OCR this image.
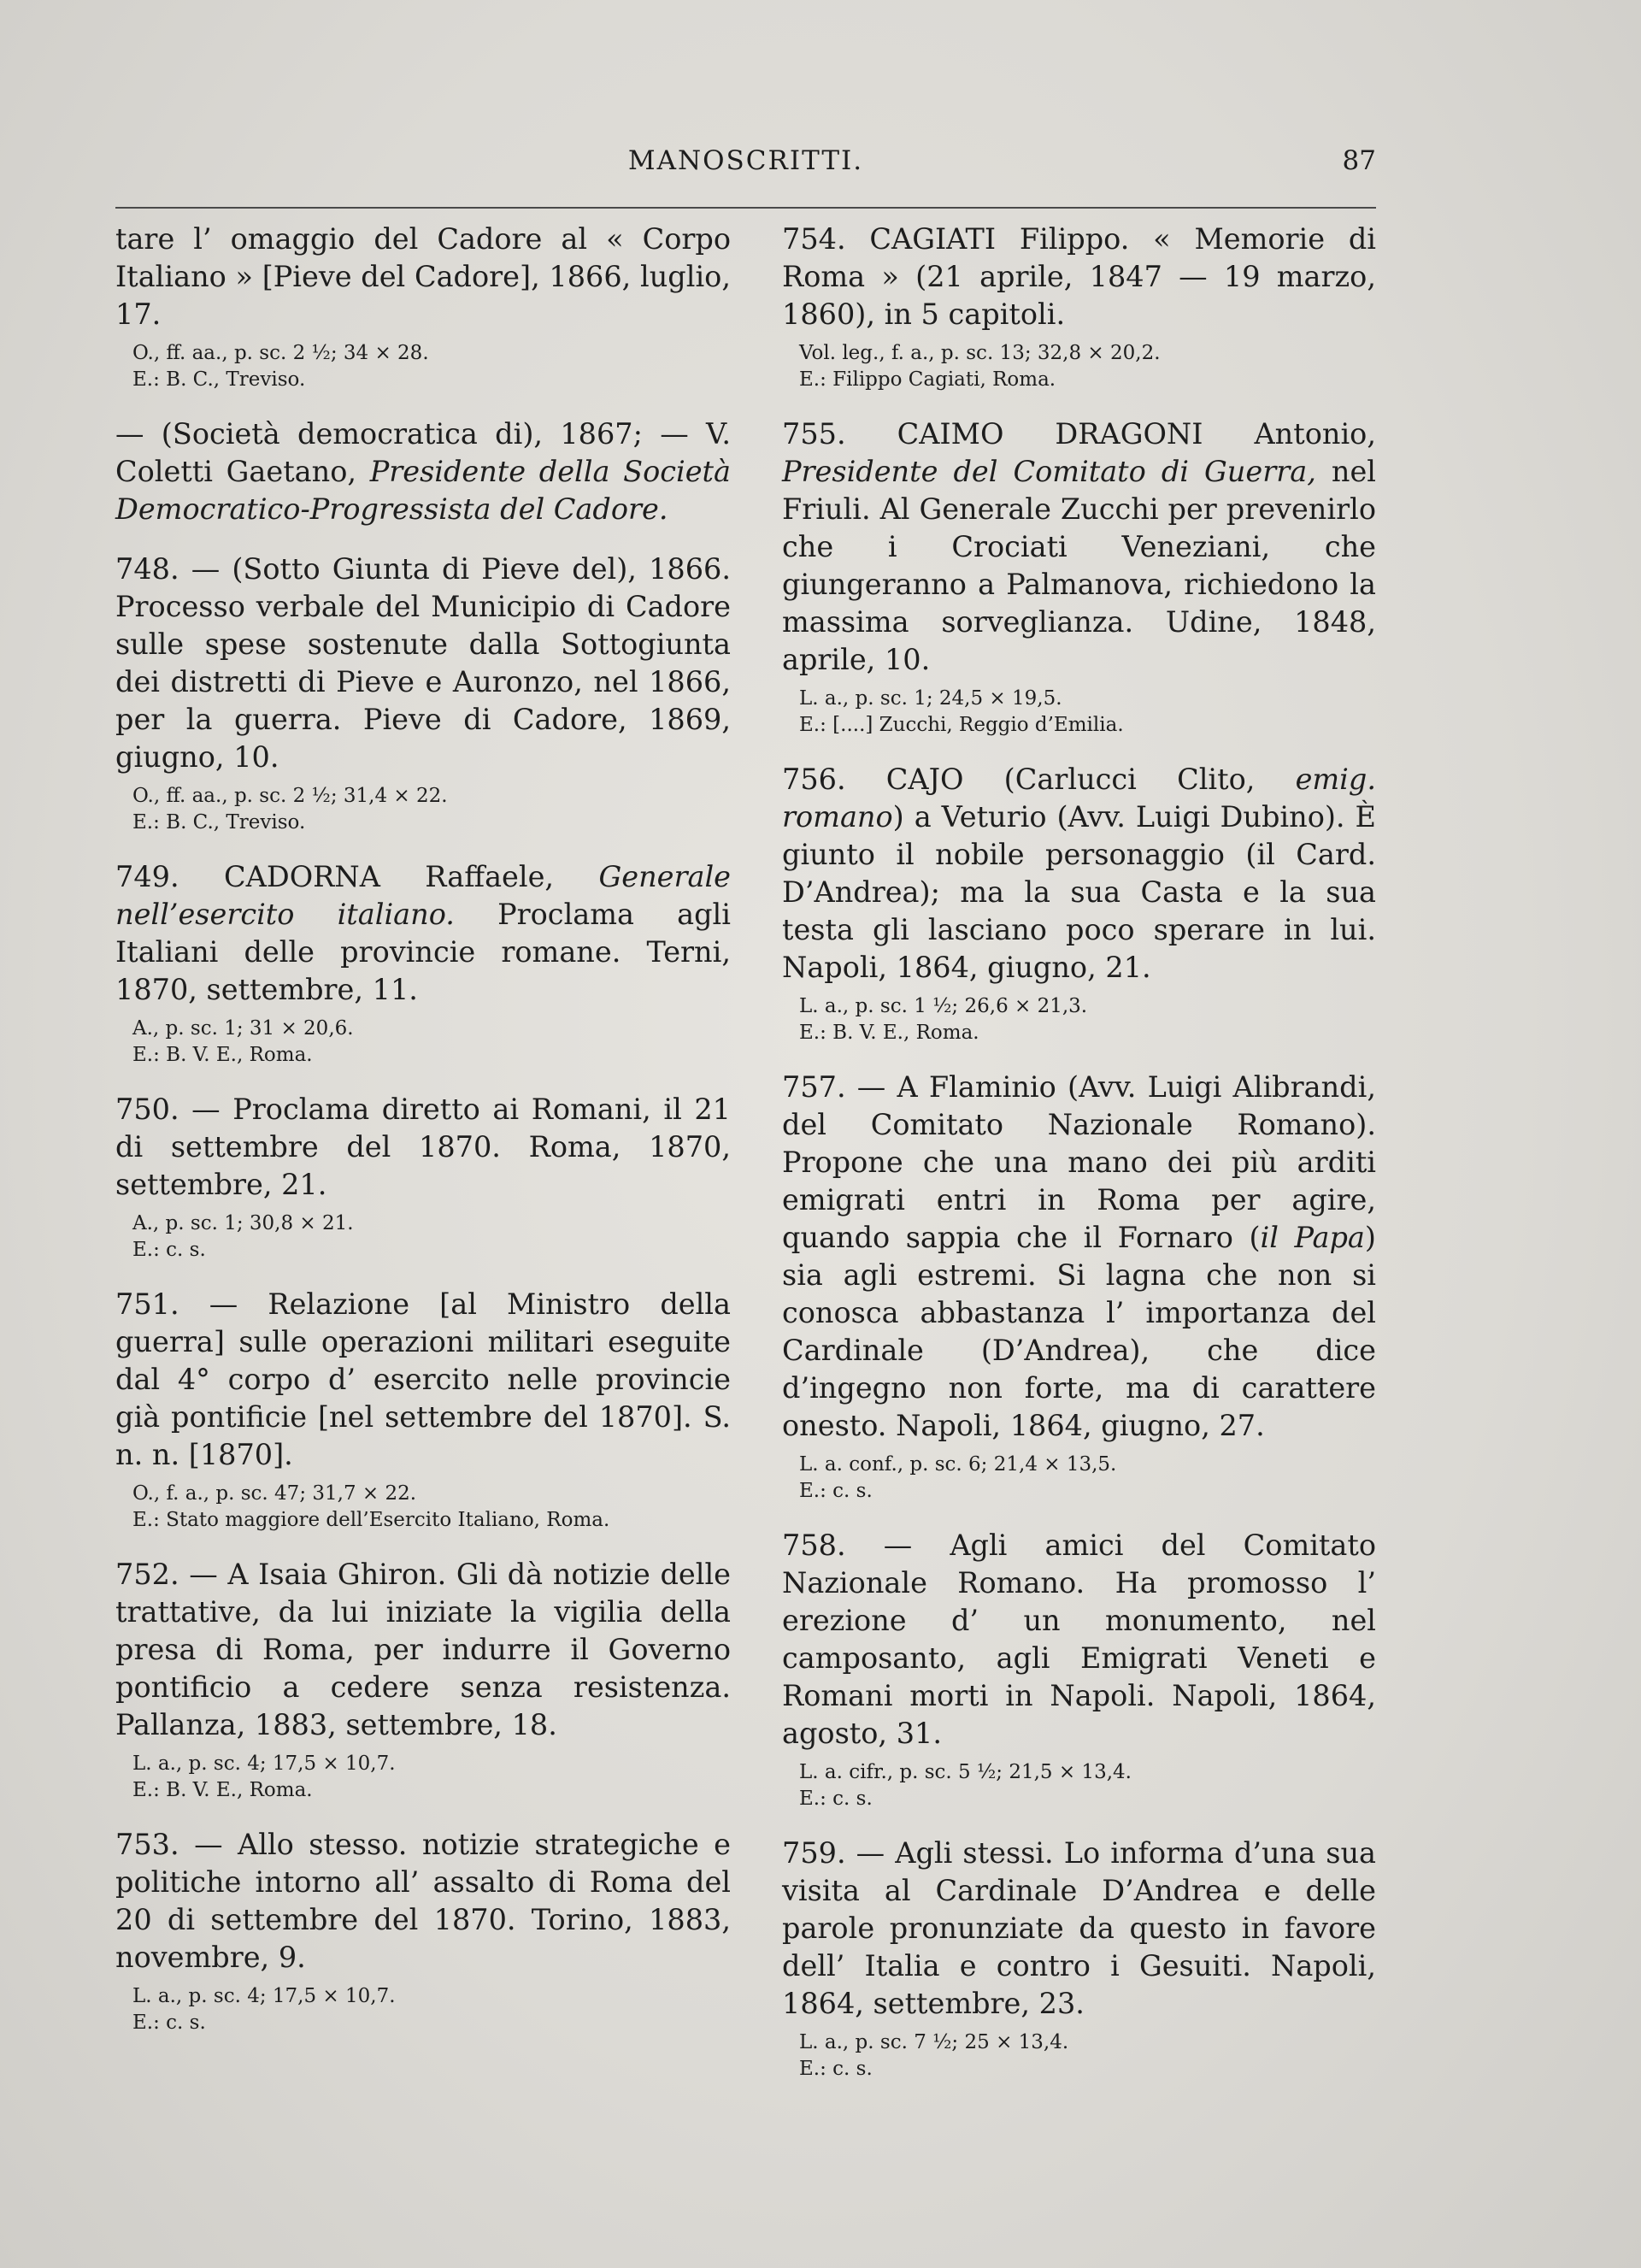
MANOSCRITTI.	87

tare l’ omaggio del Cadore al « Corpo Italiano » [Pieve del Cadore], 1866, luglio, 17.

O., ff. aa., p. sc. 2 ½; 34 × 28.
E.: B. C., Treviso.

— (Società democratica di), 1867; — V. Coletti Gaetano, Presidente della Società Democratico-Progressista del Cadore.

748. — (Sotto Giunta di Pieve del), 1866. Processo verbale del Municipio di Cadore sulle spese sostenute dalla Sottogiunta dei distretti di Pieve e Auronzo, nel 1866, per la guerra. Pieve di Cadore, 1869, giugno, 10.

O., ff. aa., p. sc. 2 ½; 31,4 × 22.
E.: B. C., Treviso.

749. CADORNA Raffaele, Generale nell’esercito italiano. Proclama agli Italiani delle provincie romane. Terni, 1870, settembre, 11.

A., p. sc. 1; 31 × 20,6.
E.: B. V. E., Roma.

750. — Proclama diretto ai Romani, il 21 di settembre del 1870. Roma, 1870, settembre, 21.

A., p. sc. 1; 30,8 × 21.
E.: c. s.

751. — Relazione [al Ministro della guerra] sulle operazioni militari eseguite dal 4° corpo d’ esercito nelle provincie già pontificie [nel settembre del 1870]. S. n. n. [1870].

O., f. a., p. sc. 47; 31,7 × 22.
E.: Stato maggiore dell’Esercito Italiano, Roma.

752. — A Isaia Ghiron. Gli dà notizie delle trattative, da lui iniziate la vigilia della presa di Roma, per indurre il Governo pontificio a cedere senza resistenza. Pallanza, 1883, settembre, 18.

L. a., p. sc. 4; 17,5 × 10,7.
E.: B. V. E., Roma.

753. — Allo stesso. notizie strategiche e politiche intorno all’ assalto di Roma del 20 di settembre del 1870. Torino, 1883, novembre, 9.

L. a., p. sc. 4; 17,5 × 10,7.
E.: c. s.

754. CAGIATI Filippo. « Memorie di Roma » (21 aprile, 1847 — 19 marzo, 1860), in 5 capitoli.

Vol. leg., f. a., p. sc. 13; 32,8 × 20,2.
E.: Filippo Cagiati, Roma.

755. CAIMO DRAGONI Antonio, Presidente del Comitato di Guerra, nel Friuli. Al Generale Zucchi per prevenirlo che i Crociati Veneziani, che giungeranno a Palmanova, richiedono la massima sorveglianza. Udine, 1848, aprile, 10.

L. a., p. sc. 1; 24,5 × 19,5.
E.: [....] Zucchi, Reggio d’Emilia.

756. CAJO (Carlucci Clito, emig. romano) a Veturio (Avv. Luigi Dubino). È giunto il nobile personaggio (il Card. D’Andrea); ma la sua Casta e la sua testa gli lasciano poco sperare in lui. Napoli, 1864, giugno, 21.

L. a., p. sc. 1 ½; 26,6 × 21,3.
E.: B. V. E., Roma.

757. — A Flaminio (Avv. Luigi Alibrandi, del Comitato Nazionale Romano). Propone che una mano dei più arditi emigrati entri in Roma per agire, quando sappia che il Fornaro (il Papa) sia agli estremi. Si lagna che non si conosca abbastanza l’ importanza del Cardinale (D’Andrea), che dice d’ingegno non forte, ma di carattere onesto. Napoli, 1864, giugno, 27.

L. a. conf., p. sc. 6; 21,4 × 13,5.
E.: c. s.

758. — Agli amici del Comitato Nazionale Romano. Ha promosso l’ erezione d’ un monumento, nel camposanto, agli Emigrati Veneti e Romani morti in Napoli. Napoli, 1864, agosto, 31.

L. a. cifr., p. sc. 5 ½; 21,5 × 13,4.
E.: c. s.

759. — Agli stessi. Lo informa d’una sua visita al Cardinale D’Andrea e delle parole pronunziate da questo in favore dell’ Italia e contro i Gesuiti. Napoli, 1864, settembre, 23.

L. a., p. sc. 7 ½; 25 × 13,4.
E.: c. s.
